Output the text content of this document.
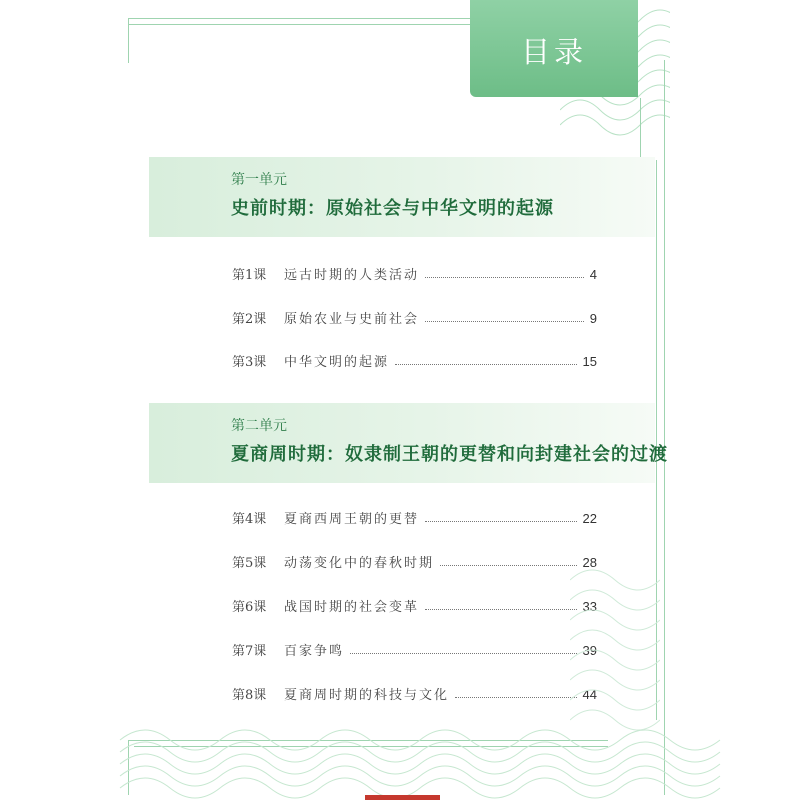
目录
第一单元
史前时期：原始社会与中华文明的起源
第1课	远古时期的人类活动	4
第2课	原始农业与史前社会	9
第3课	中华文明的起源	15
第二单元
夏商周时期：奴隶制王朝的更替和向封建社会的过渡
第4课	夏商西周王朝的更替	22
第5课	动荡变化中的春秋时期	28
第6课	战国时期的社会变革	33
第7课	百家争鸣	39
第8课	夏商周时期的科技与文化	44
